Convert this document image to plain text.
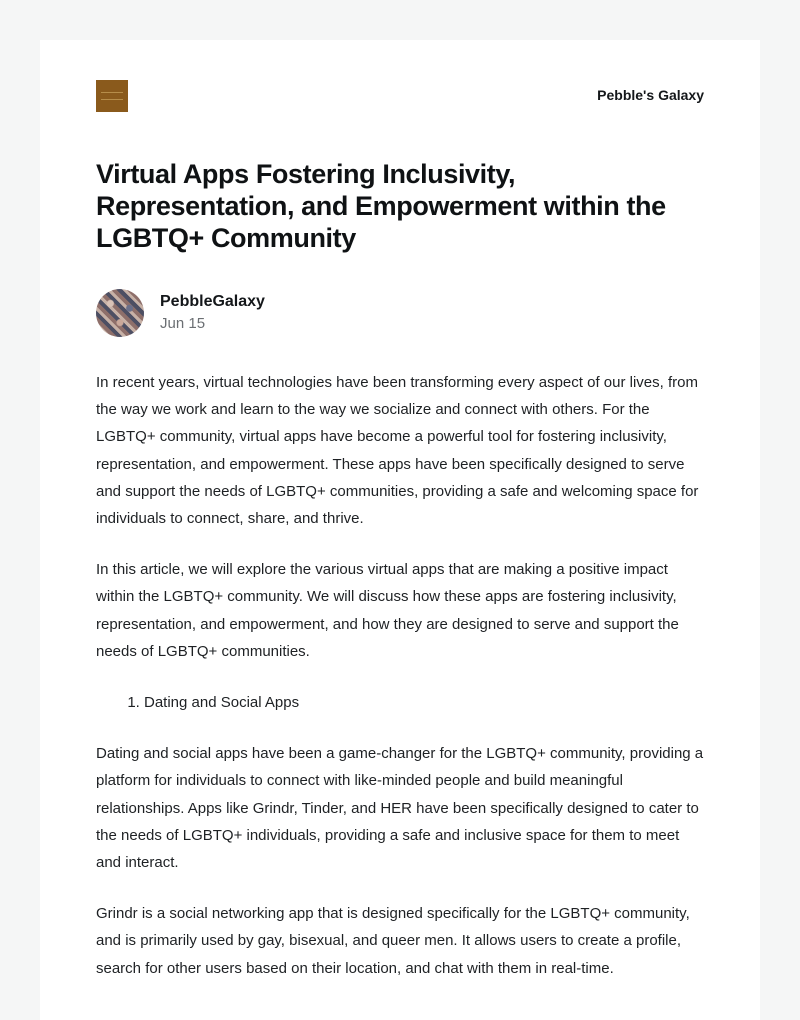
Pebble's Galaxy
Virtual Apps Fostering Inclusivity, Representation, and Empowerment within the LGBTQ+ Community
PebbleGalaxy
Jun 15

In recent years, virtual technologies have been transforming every aspect of our lives, from the way we work and learn to the way we socialize and connect with others. For the LGBTQ+ community, virtual apps have become a powerful tool for fostering inclusivity, representation, and empowerment. These apps have been specifically designed to serve and support the needs of LGBTQ+ communities, providing a safe and welcoming space for individuals to connect, share, and thrive.

In this article, we will explore the various virtual apps that are making a positive impact within the LGBTQ+ community. We will discuss how these apps are fostering inclusivity, representation, and empowerment, and how they are designed to serve and support the needs of LGBTQ+ communities.

1. Dating and Social Apps

Dating and social apps have been a game-changer for the LGBTQ+ community, providing a platform for individuals to connect with like-minded people and build meaningful relationships. Apps like Grindr, Tinder, and HER have been specifically designed to cater to the needs of LGBTQ+ individuals, providing a safe and inclusive space for them to meet and interact.

Grindr is a social networking app that is designed specifically for the LGBTQ+ community, and is primarily used by gay, bisexual, and queer men. It allows users to create a profile, search for other users based on their location, and chat with them in real-time.
